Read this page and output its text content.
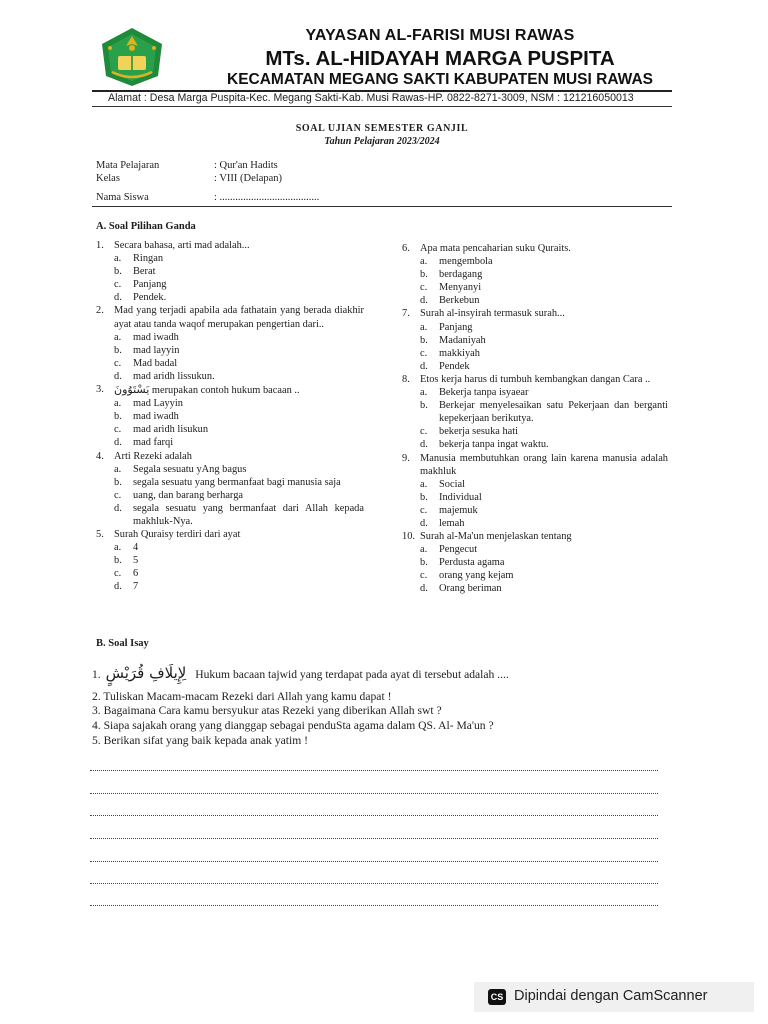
YAYASAN AL-FARISI MUSI RAWAS
MTs. AL-HIDAYAH MARGA PUSPITA
KECAMATAN MEGANG SAKTI KABUPATEN MUSI RAWAS
Alamat : Desa Marga Puspita-Kec. Megang Sakti-Kab. Musi Rawas-HP. 0822-8271-3009, NSM : 121216050013
SOAL UJIAN SEMESTER GANJIL
Tahun Pelajaran 2023/2024
Mata Pelajaran	: Qur'an Hadits
Kelas	: VIII (Delapan)
Nama Siswa	: ......................................
A. Soal Pilihan Ganda
1. Secara bahasa, arti mad adalah...
a. Ringan
b. Berat
c. Panjang
d. Pendek.
2. Mad yang terjadi apabila ada fathatain yang berada diakhir ayat atau tanda waqof merupakan pengertian dari..
a. mad iwadh
b. mad layyin
c. Mad badal
d. mad aridh lissukun.
3. يَسْتَوُونَ merupakan contoh hukum bacaan ..
a. mad Layyin
b. mad iwadh
c. mad aridh lisukun
d. mad farqi
4. Arti Rezeki adalah
a. Segala sesuatu yAng bagus
b. segala sesuatu yang bermanfaat bagi manusia saja
c. uang, dan barang berharga
d. segala sesuatu yang bermanfaat dari Allah kepada makhluk-Nya.
5. Surah Quraisy terdiri dari ayat
a. 4
b. 5
c. 6
d. 7
6. Apa mata pencaharian suku Quraits.
a. mengembola
b. berdagang
c. Menyanyi
d. Berkebun
7. Surah al-insyirah termasuk surah...
a. Panjang
b. Madaniyah
c. makkiyah
d. Pendek
8. Etos kerja harus di tumbuh kembangkan dangan Cara ..
a. Bekerja tanpa isyaear
b. Berkejar menyelesaikan satu Pekerjaan dan berganti kepekerjaan berikutya.
c. bekerja sesuka hati
d. bekerja tanpa ingat waktu.
9. Manusia membutuhkan orang lain karena manusia adalah makhluk
a. Social
b. Individual
c. majemuk
d. lemah
10. Surah al-Ma'un menjelaskan tentang
a. Pengecut
b. Perdusta agama
c. orang yang kejam
d. Orang beriman
B. Soal Isay
1. لِإِيلَافِ قُرَيْشٍ Hukum bacaan tajwid yang terdapat pada ayat di tersebut adalah ....
2. Tuliskan Macam-macam Rezeki dari Allah yang kamu dapat !
3. Bagaimana Cara kamu bersyukur atas Rezeki yang diberikan Allah swt ?
4. Siapa sajakah orang yang dianggap sebagai penduSta agama dalam QS. Al- Ma'un ?
5. Berikan sifat yang baik kepada anak yatim !
CS Dipindai dengan CamScanner
